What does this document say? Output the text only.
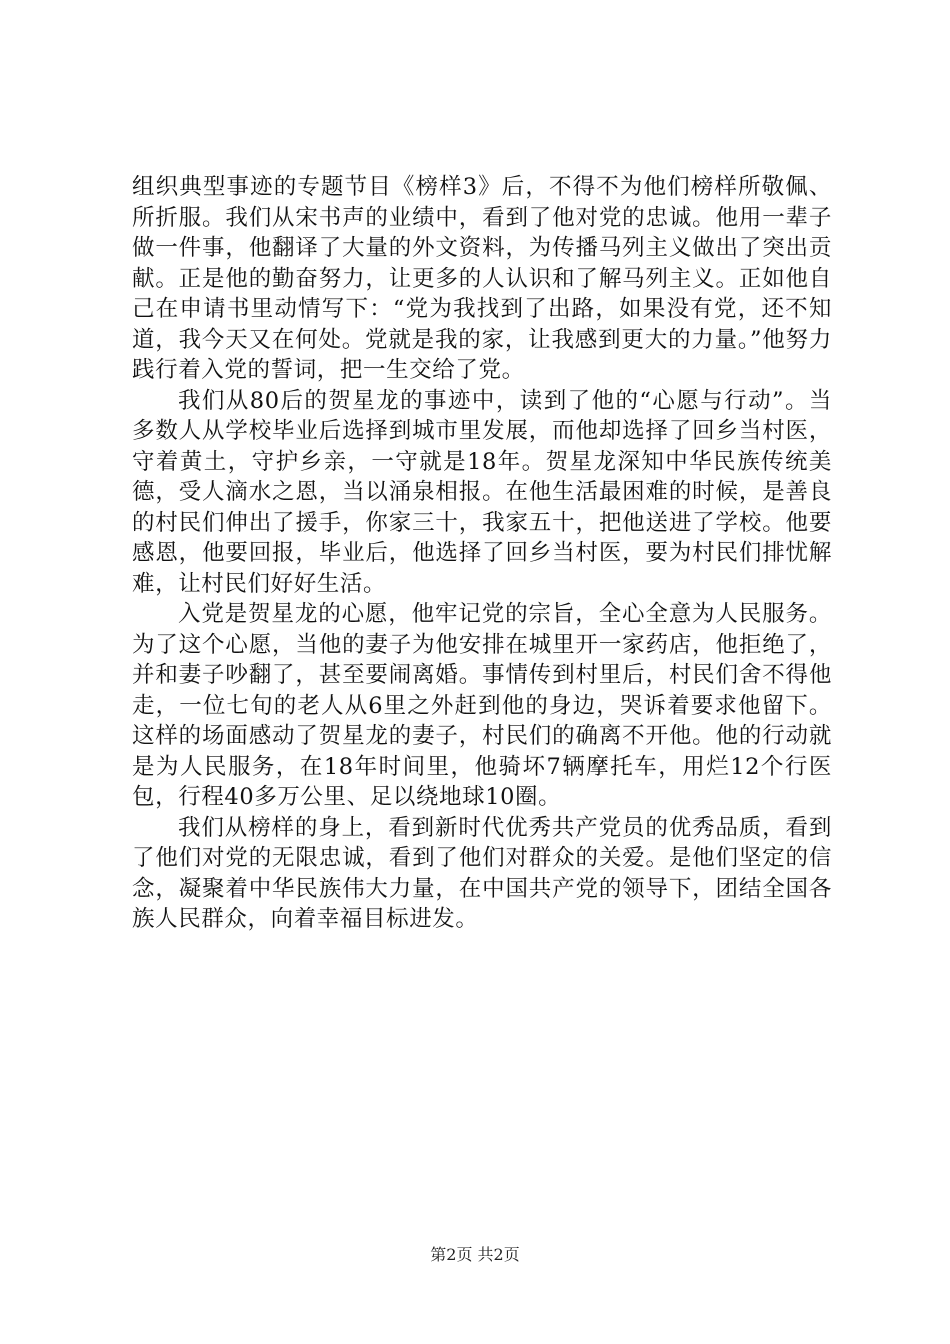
组织典型事迹的专题节目《榜样3》后，不得不为他们榜样所敬佩、所折服。我们从宋书声的业绩中，看到了他对党的忠诚。他用一辈子做一件事，他翻译了大量的外文资料，为传播马列主义做出了突出贡献。正是他的勤奋努力，让更多的人认识和了解马列主义。正如他自己在申请书里动情写下：“党为我找到了出路，如果没有党，还不知道，我今天又在何处。党就是我的家，让我感到更大的力量。”他努力践行着入党的誓词，把一生交给了党。

我们从80后的贺星龙的事迹中，读到了他的“心愿与行动”。当多数人从学校毕业后选择到城市里发展，而他却选择了回乡当村医，守着黄土，守护乡亲，一守就是18年。贺星龙深知中华民族传统美德，受人滴水之恩，当以涌泉相报。在他生活最困难的时候，是善良的村民们伸出了援手，你家三十，我家五十，把他送进了学校。他要感恩，他要回报，毕业后，他选择了回乡当村医，要为村民们排忧解难，让村民们好好生活。

入党是贺星龙的心愿，他牢记党的宗旨，全心全意为人民服务。为了这个心愿，当他的妻子为他安排在城里开一家药店，他拒绝了，并和妻子吵翻了，甚至要闹离婚。事情传到村里后，村民们舍不得他走，一位七旬的老人从6里之外赶到他的身边，哭诉着要求他留下。这样的场面感动了贺星龙的妻子，村民们的确离不开他。他的行动就是为人民服务，在18年时间里，他骑坏7辆摩托车，用烂12个行医包，行程40多万公里、足以绕地球10圈。

我们从榜样的身上，看到新时代优秀共产党员的优秀品质，看到了他们对党的无限忠诚，看到了他们对群众的关爱。是他们坚定的信念，凝聚着中华民族伟大力量，在中国共产党的领导下，团结全国各族人民群众，向着幸福目标进发。

第2页 共2页
